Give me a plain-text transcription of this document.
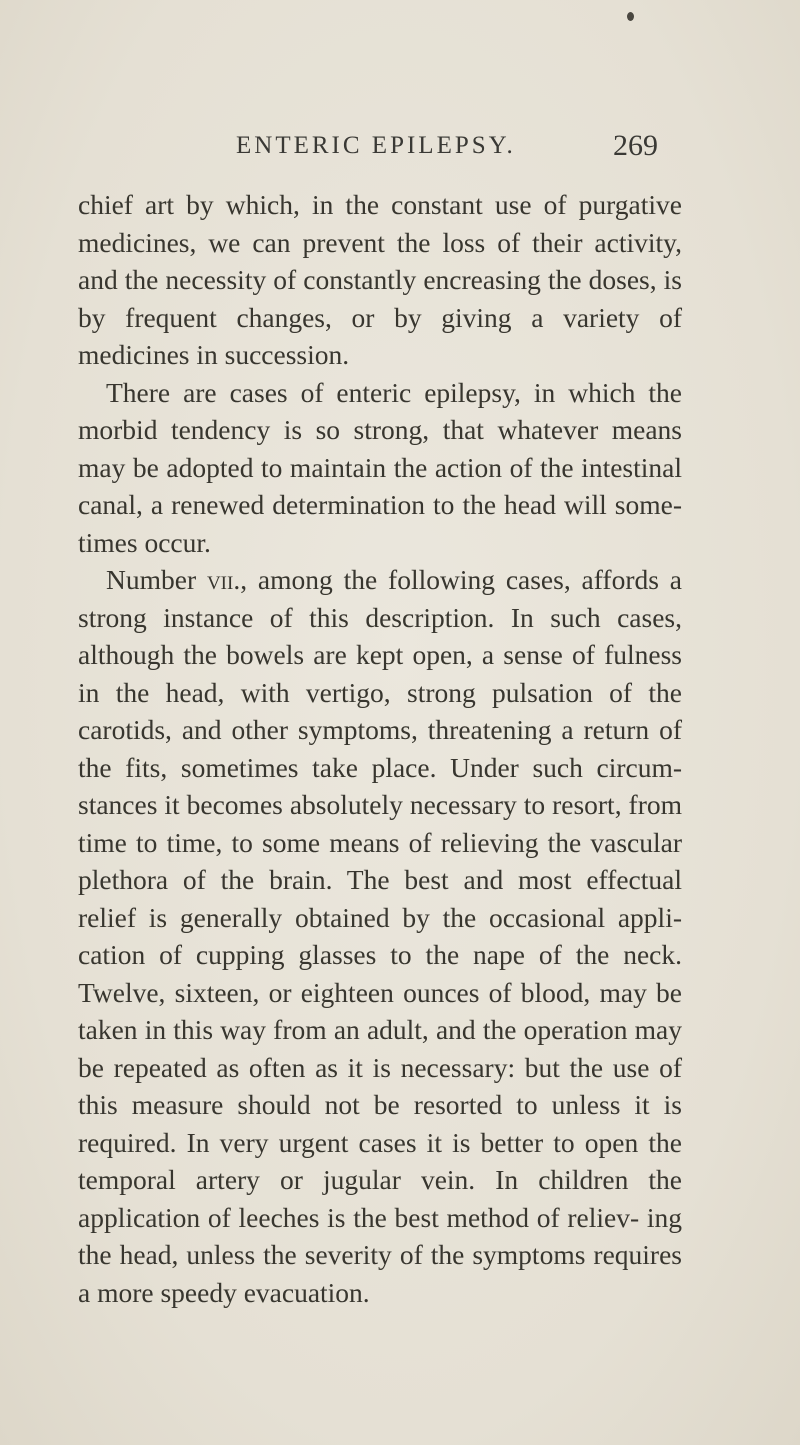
ENTERIC EPILEPSY.	269

chief art by which, in the constant use of purgative medicines, we can prevent the loss of their activity, and the necessity of constantly encreasing the doses, is by frequent changes, or by giving a variety of medicines in succession.

There are cases of enteric epilepsy, in which the morbid tendency is so strong, that whatever means may be adopted to maintain the action of the intestinal canal, a renewed determination to the head will some- times occur.

Number vii., among the following cases, affords a strong instance of this description. In such cases, although the bowels are kept open, a sense of fulness in the head, with vertigo, strong pulsation of the carotids, and other symptoms, threatening a return of the fits, sometimes take place. Under such circum- stances it becomes absolutely necessary to resort, from time to time, to some means of relieving the vascular plethora of the brain. The best and most effectual relief is generally obtained by the occasional appli- cation of cupping glasses to the nape of the neck. Twelve, sixteen, or eighteen ounces of blood, may be taken in this way from an adult, and the operation may be repeated as often as it is necessary: but the use of this measure should not be resorted to unless it is required. In very urgent cases it is better to open the temporal artery or jugular vein. In children the application of leeches is the best method of reliev- ing the head, unless the severity of the symptoms requires a more speedy evacuation.
